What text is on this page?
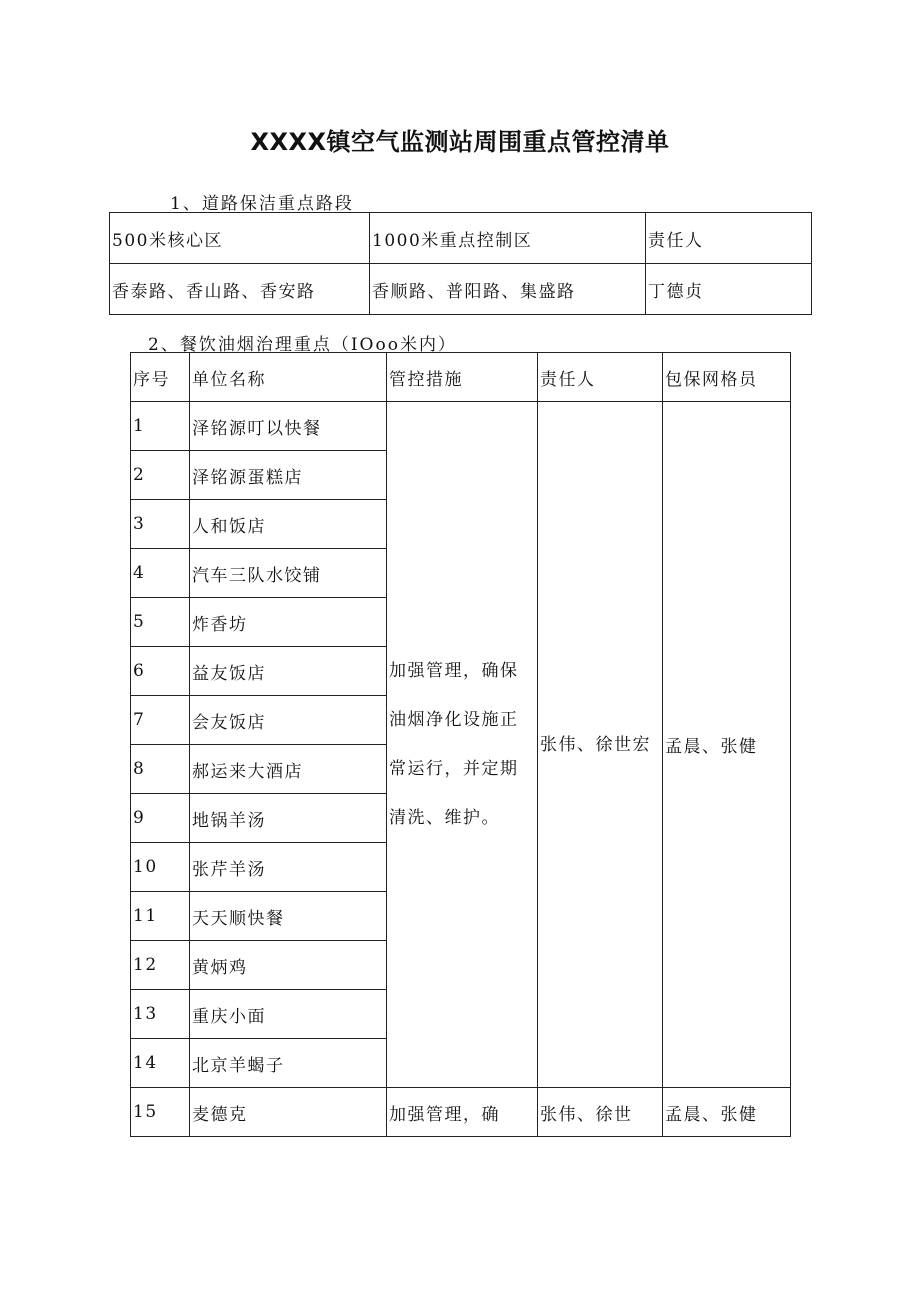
XXXX镇空气监测站周围重点管控清单
1、道路保洁重点路段
500米核心区	1000米重点控制区	责任人
香泰路、香山路、香安路	香顺路、普阳路、集盛路	丁德贞
2、餐饮油烟治理重点（IOoo米内）
序号	单位名称	管控措施	责任人	包保网格员
1	泽铭源叮以快餐	加强管理，确保油烟净化设施正常运行，并定期清洗、维护。	张伟、徐世宏	孟晨、张健
2	泽铭源蛋糕店			
3	人和饭店			
4	汽车三队水饺铺			
5	炸香坊			
6	益友饭店			
7	会友饭店			
8	郝运来大酒店			
9	地锅羊汤			
10	张芹羊汤			
11	天天顺快餐			
12	黄炳鸡			
13	重庆小面			
14	北京羊蝎子			
15	麦德克	加强管理，确	张伟、徐世	孟晨、张健
